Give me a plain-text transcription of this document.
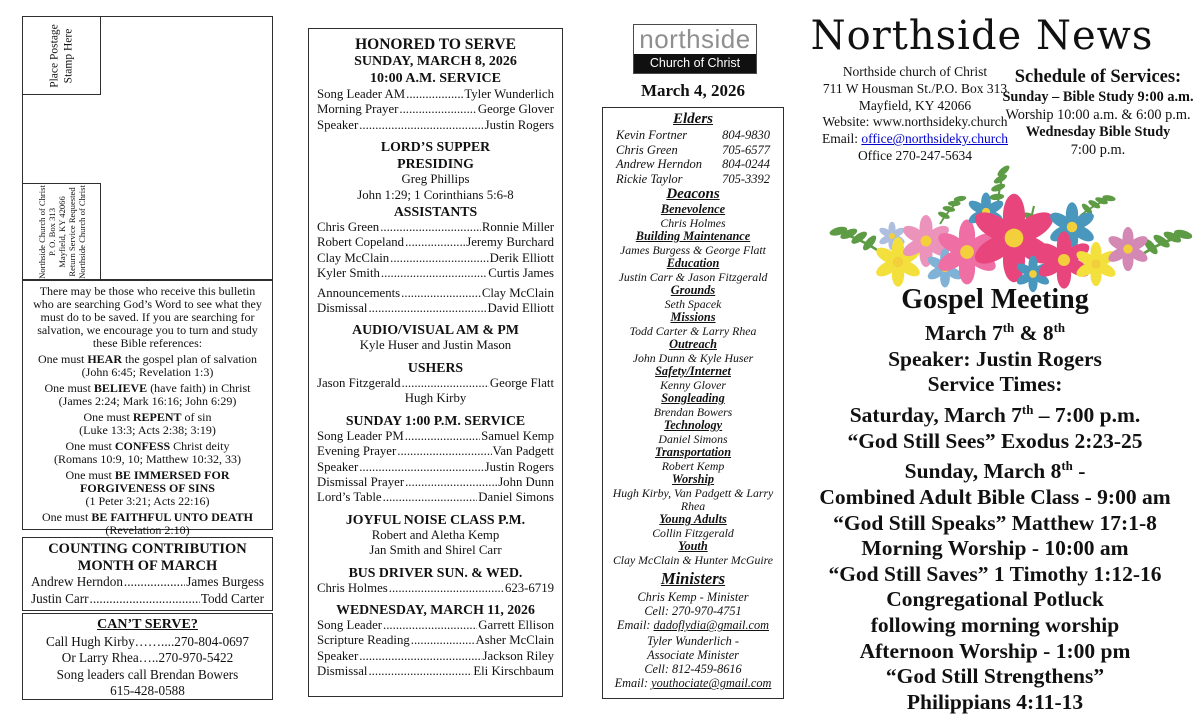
Place Postage Stamp Here
Northside Church of Christ P. O. Box 313 Mayfield, KY 42066 Return Service Requested Northside Church of Christ
There may be those who receive this bulletin who are searching God’s Word to see what they must do to be saved. If you are searching for salvation, we encourage you to turn and study these Bible references:
One must HEAR the gospel plan of salvation
(John 6:45; Revelation 1:3)
One must BELIEVE (have faith) in Christ
(James 2:24; Mark 16:16; John 6:29)
One must REPENT of sin
(Luke 13:3; Acts 2:38; 3:19)
One must CONFESS Christ deity
(Romans 10:9, 10; Matthew 10:32, 33)
One must BE IMMERSED FOR FORGIVENESS OF SINS
(1 Peter 3:21; Acts 22:16)
One must BE FAITHFUL UNTO DEATH
(Revelation 2:10)
COUNTING CONTRIBUTION
MONTH OF MARCH
Andrew Herndon .....	James Burgess
Justin Carr .....	Todd Carter
CAN’T SERVE?
Call Hugh Kirby……....270-804-0697
Or Larry Rhea…..270-970-5422
Song leaders call Brendan Bowers
615-428-0588
HONORED TO SERVE
SUNDAY, MARCH 8, 2026
10:00 A.M. SERVICE
Song Leader AM .....	Tyler Wunderlich
Morning Prayer .....	George Glover
Speaker .....	Justin Rogers
LORD’S SUPPER
PRESIDING
Greg Phillips
John 1:29; 1 Corinthians 5:6-8
ASSISTANTS
Chris Green .....	Ronnie Miller
Robert Copeland .....	Jeremy Burchard
Clay McClain .....	Derik Elliott
Kyler Smith .....	Curtis James
Announcements .....	Clay McClain
Dismissal .....	David Elliott
AUDIO/VISUAL AM & PM
Kyle Huser and Justin Mason
USHERS
Jason Fitzgerald .....	George Flatt
Hugh Kirby
SUNDAY 1:00 P.M. SERVICE
Song Leader PM .....	Samuel Kemp
Evening Prayer .....	Van Padgett
Speaker .....	Justin Rogers
Dismissal Prayer .....	John Dunn
Lord’s Table .....	Daniel Simons
JOYFUL NOISE CLASS P.M.
Robert and Aletha Kemp
Jan Smith and Shirel Carr
BUS DRIVER SUN. & WED.
Chris Holmes .....	623-6719
WEDNESDAY, MARCH 11, 2026
Song Leader .....	Garrett Ellison
Scripture Reading .....	Asher McClain
Speaker .....	Jackson Riley
Dismissal .....	Eli Kirschbaum
northside
Church of Christ
March 4, 2026
Elders
Kevin Fortner	804-9830
Chris Green	705-6577
Andrew Herndon 804-0244
Rickie Taylor	705-3392
Deacons
Benevolence
Chris Holmes
Building Maintenance
James Burgess & George Flatt
Education
Justin Carr & Jason Fitzgerald
Grounds
Seth Spacek
Missions
Todd Carter & Larry Rhea
Outreach
John Dunn & Kyle Huser
Safety/Internet
Kenny Glover
Songleading
Brendan Bowers
Technology
Daniel Simons
Transportation
Robert Kemp
Worship
Hugh Kirby, Van Padgett & Larry Rhea
Young Adults
Collin Fitzgerald
Youth
Clay McClain & Hunter McGuire
Ministers
Chris Kemp - Minister
Cell: 270-970-4751
Email: dadoflydia@gmail.com
Tyler Wunderlich -
Associate Minister
Cell: 812-459-8616
Email: youthociate@gmail.com
Northside News
Northside church of Christ
711 W Housman St./P.O. Box 313
Mayfield, KY 42066
Website: www.northsideky.church
Email: office@northsideky.church
Office 270-247-5634
Schedule of Services:
Sunday – Bible Study 9:00 a.m.
Worship 10:00 a.m. & 6:00 p.m.
Wednesday Bible Study
7:00 p.m.
Gospel Meeting
March 7th & 8th
Speaker: Justin Rogers
Service Times:
Saturday, March 7th – 7:00 p.m.
“God Still Sees” Exodus 2:23-25
Sunday, March 8th -
Combined Adult Bible Class - 9:00 am
“God Still Speaks” Matthew 17:1-8
Morning Worship - 10:00 am
“God Still Saves” 1 Timothy 1:12-16
Congregational Potluck
following morning worship
Afternoon Worship - 1:00 pm
“God Still Strengthens”
Philippians 4:11-13
